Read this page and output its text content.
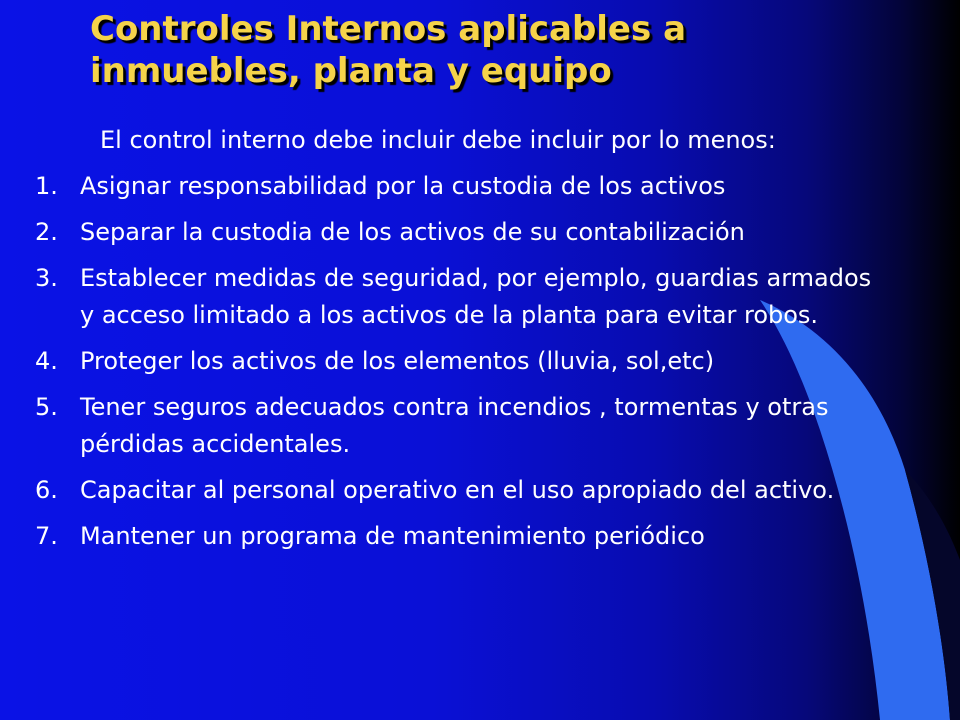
Controles Internos aplicables a
inmuebles, planta y equipo

El control interno debe incluir debe incluir por lo menos:

1. Asignar responsabilidad por la custodia de los activos
2. Separar la custodia de los activos de su contabilización
3. Establecer medidas de seguridad, por ejemplo, guardias armados y acceso limitado a los activos de la planta para evitar robos.
4. Proteger los activos de los elementos (lluvia, sol,etc)
5. Tener seguros adecuados contra incendios , tormentas y otras pérdidas accidentales.
6. Capacitar al personal operativo en el uso apropiado del activo.
7. Mantener un programa de mantenimiento periódico
